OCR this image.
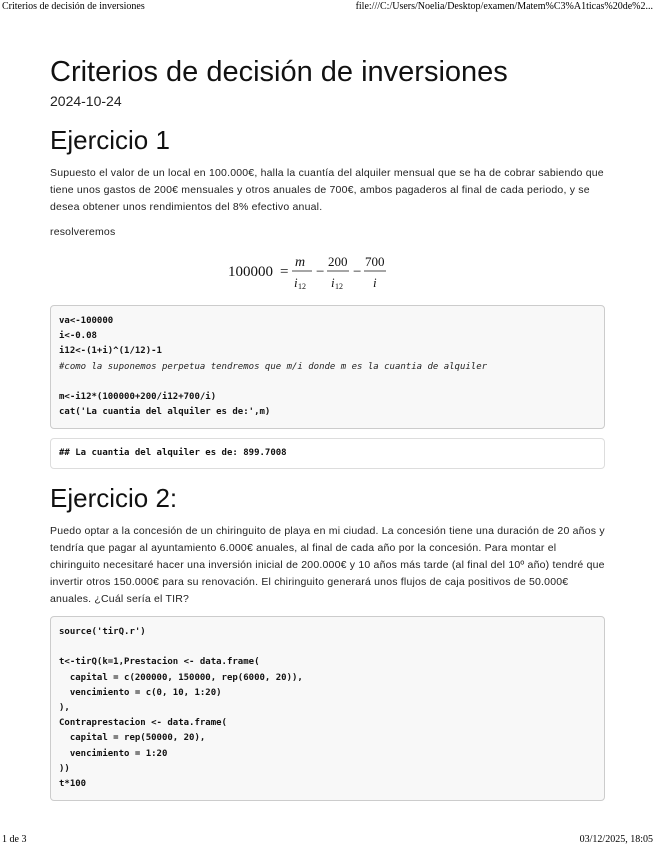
Criterios de decisión de inversiones	file:///C:/Users/Noelia/Desktop/examen/Matem%C3%A1ticas%20de%2...
Criterios de decisión de inversiones
2024-10-24
Ejercicio 1

Supuesto el valor de un local en 100.000€, halla la cuantía del alquiler mensual que se ha de cobrar sabiendo que tiene unos gastos de 200€ mensuales y otros anuales de 700€, ambos pagaderos al final de cada periodo, y se desea obtener unos rendimientos del 8% efectivo anual.

resolveremos

100000 =
m
i 12
−
200
i 12
−
700
i
va<-100000
i<-0.08
i12<-(1+i)^(1/12)-1
#como la suponemos perpetua tendremos que m/i donde m es la cuantia de alquiler
m<-i12*(100000+200/i12+700/i)
cat('La cuantia del alquiler es de:',m)
## La cuantia del alquiler es de: 899.7008
Ejercicio 2:

Puedo optar a la concesión de un chiringuito de playa en mi ciudad. La concesión tiene una duración de 20 años y tendría que pagar al ayuntamiento 6.000€ anuales, al final de cada año por la concesión. Para montar el chiringuito necesitaré hacer una inversión inicial de 200.000€ y 10 años más tarde (al final del 10º año) tendré que invertir otros 150.000€ para su renovación. El chiringuito generará unos flujos de caja positivos de 50.000€ anuales. ¿Cuál sería el TIR?

source('tirQ.r')
t<-tirQ(k=1,Prestacion <- data.frame(
capital = c(200000, 150000, rep(6000, 20)),
vencimiento = c(0, 10, 1:20)
),
Contraprestacion <- data.frame(
capital = rep(50000, 20),
vencimiento = 1:20
))
t*100
1 de 3	03/12/2025, 18:05
